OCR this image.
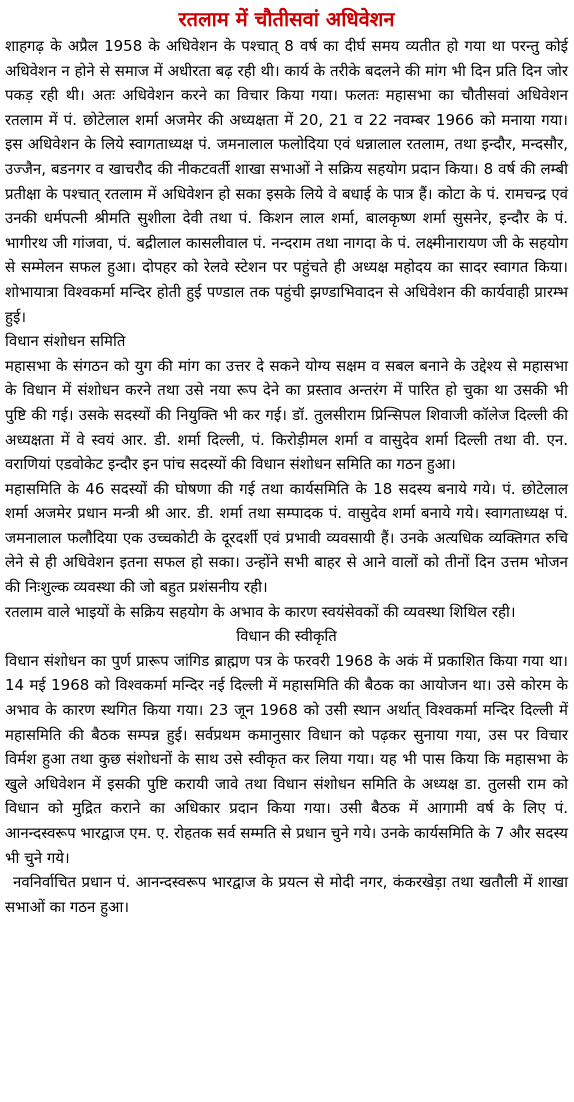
रतलाम में चौतीसवां अधिवेशन

शाहगढ़ के अप्रैल 1958 के अधिवेशन के पश्चात् 8 वर्ष का दीर्घ समय व्यतीत हो गया था परन्तु कोई अधिवेशन न होने से समाज में अधीरता बढ़ रही थी। कार्य के तरीके बदलने की मांग भी दिन प्रति दिन जोर पकड़ रही थी। अतः अधिवेशन करने का विचार किया गया। फलतः महासभा का चौतीसवां अधिवेशन रतलाम में पं. छोटेलाल शर्मा अजमेर की अध्यक्षता में 20, 21 व 22 नवम्बर 1966 को मनाया गया। इस अधिवेशन के लिये स्वागताध्यक्ष पं. जमनालाल फलोदिया एवं धन्नालाल रतलाम, तथा इन्दौर, मन्दसौर, उज्जैन, बडनगर व खाचरौद की नीकटवर्ती शाखा सभाओं ने सक्रिय सहयोग प्रदान किया। 8 वर्ष की लम्बी प्रतीक्षा के पश्चात् रतलाम में अधिवेशन हो सका इसके लिये वे बधाई के पात्र हैं। कोटा के पं. रामचन्द्र एवं उनकी धर्मपत्नी श्रीमति सुशीला देवी तथा पं. किशन लाल शर्मा, बालकृष्ण शर्मा सुसनेर, इन्दौर के पं. भागीरथ जी गांजवा, पं. बद्रीलाल कासलीवाल पं. नन्दराम तथा नागदा के पं. लक्ष्मीनारायण जी के सहयोग से सम्मेलन सफल हुआ। दोपहर को रेलवे स्टेशन पर पहुंचते ही अध्यक्ष महोदय का सादर स्वागत किया। शोभायात्रा विश्वकर्मा मन्दिर होती हुई पण्डाल तक पहुंची झण्डाभिवादन से अधिवेशन की कार्यवाही प्रारम्भ हुई।

विधान संशोधन समिति

महासभा के संगठन को युग की मांग का उत्तर दे सकने योग्य सक्षम व सबल बनाने के उद्देश्य से महासभा के विधान में संशोधन करने तथा उसे नया रूप देने का प्रस्ताव अन्तरंग में पारित हो चुका था उसकी भी पुष्टि की गई। उसके सदस्यों की नियुक्ति भी कर गई। डॉ. तुलसीराम प्रिन्सिपल शिवाजी कॉलेज दिल्ली की अध्यक्षता में वे स्वयं आर. डी. शर्मा दिल्ली, पं. किरोड़ीमल शर्मा व वासुदेव शर्मा दिल्ली तथा वी. एन. वराणियां एडवोकेट इन्दौर इन पांच सदस्यों की विधान संशोधन समिति का गठन हुआ।

महासमिति के 46 सदस्यों की घोषणा की गई तथा कार्यसमिति के 18 सदस्य बनाये गये। पं. छोटेलाल शर्मा अजमेर प्रधान मन्त्री श्री आर. डी. शर्मा तथा सम्पादक पं. वासुदेव शर्मा बनाये गये। स्वागताध्यक्ष पं. जमनालाल फलौदिया एक उच्चकोटी के दूरदर्शी एवं प्रभावी व्यवसायी हैं। उनके अत्यधिक व्यक्तिगत रुचि लेने से ही अधिवेशन इतना सफल हो सका। उन्होंने सभी बाहर से आने वालों को तीनों दिन उत्तम भोजन की निःशुल्क व्यवस्था की जो बहुत प्रशंसनीय रही।

रतलाम वाले भाइयों के सक्रिय सहयोग के अभाव के कारण स्वयंसेवकों की व्यवस्था शिथिल रही।

विधान की स्वीकृति

विधान संशोधन का पुर्ण प्रारूप जांगिड ब्राह्मण पत्र के फरवरी 1968 के अकं में प्रकाशित किया गया था। 14 मई 1968 को विश्वकर्मा मन्दिर नई दिल्ली में महासमिति की बैठक का आयोजन था। उसे कोरम के अभाव के कारण स्थगित किया गया। 23 जून 1968 को उसी स्थान अर्थात् विश्वकर्मा मन्दिर दिल्ली में महासमिति की बैठक सम्पन्न हुई। सर्वप्रथम कमानुसार विधान को पढ़कर सुनाया गया, उस पर विचार विर्मश हुआ तथा कुछ संशोधनों के साथ उसे स्वीकृत कर लिया गया। यह भी पास किया कि महासभा के खुले अधिवेशन में इसकी पुष्टि करायी जावे तथा विधान संशोधन समिति के अध्यक्ष डा. तुलसी राम को विधान को मुद्रित कराने का अधिकार प्रदान किया गया। उसी बैठक में आगामी वर्ष के लिए पं. आनन्दस्वरूप भारद्वाज एम. ए. रोहतक सर्व सम्मति से प्रधान चुने गये। उनके कार्यसमिति के 7 और सदस्य भी चुने गये।

नवनिर्वाचित प्रधान पं. आनन्दस्वरूप भारद्वाज के प्रयत्न से मोदी नगर, कंकरखेड़ा तथा खतौली में शाखा सभाओं का गठन हुआ।
